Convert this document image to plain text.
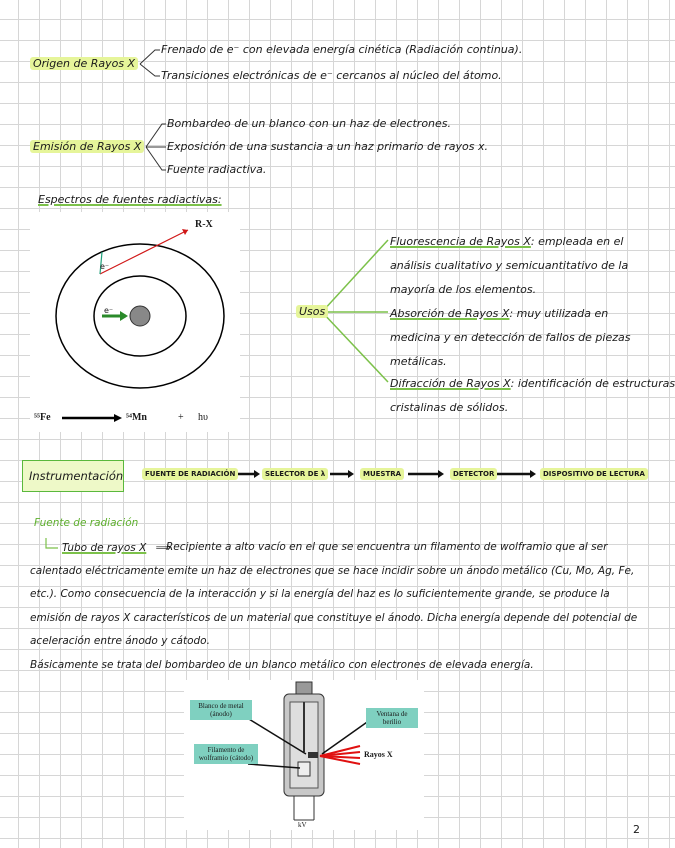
Origen de Rayos X
Frenado de e⁻ con elevada energía cinética (Radiación continua).
Transiciones electrónicas de e⁻ cercanos al núcleo del átomo.
Emisión de Rayos X
Bombardeo de un blanco con un haz de electrones.
Exposición de una sustancia a un haz primario de rayos x.
Fuente radiactiva.
Espectros de fuentes radiactivas:
R-X
e⁻
e⁻
⁵⁵Fe	⁵⁴Mn	+ hυ
Usos
Fluorescencia de Rayos X: empleada en el
análisis cualitativo y semicuantitativo de la
mayoría de los elementos.
Absorción de Rayos X: muy utilizada en
medicina y en detección de fallos de piezas
metálicas.
Difracción de Rayos X: identificación de estructuras
cristalinas de sólidos.
Instrumentación	FUENTE DE RADIACIÓN	SELECTOR DE λ	MUESTRA	DETECTOR	DISPOSITIVO DE LECTURA
Fuente de radiación
Tubo de rayos X ⟹
Recipiente a alto vacío en el que se encuentra un filamento de wolframio que al ser calentado eléctricamente emite un haz de electrones que se hace incidir sobre un ánodo metálico (Cu, Mo, Ag, Fe, etc.). Como consecuencia de la interacción y si la energía del haz es lo suficientemente grande, se produce la emisión de rayos X característicos de un material que constituye el ánodo. Dicha energía depende del potencial de aceleración entre ánodo y cátodo.
Básicamente se trata del bombardeo de un blanco metálico con electrones de elevada energía.
Blanco de metal (ánodo)
Filamento de wolframio (cátodo)
Ventana de berilio
Rayos X
kV	2
